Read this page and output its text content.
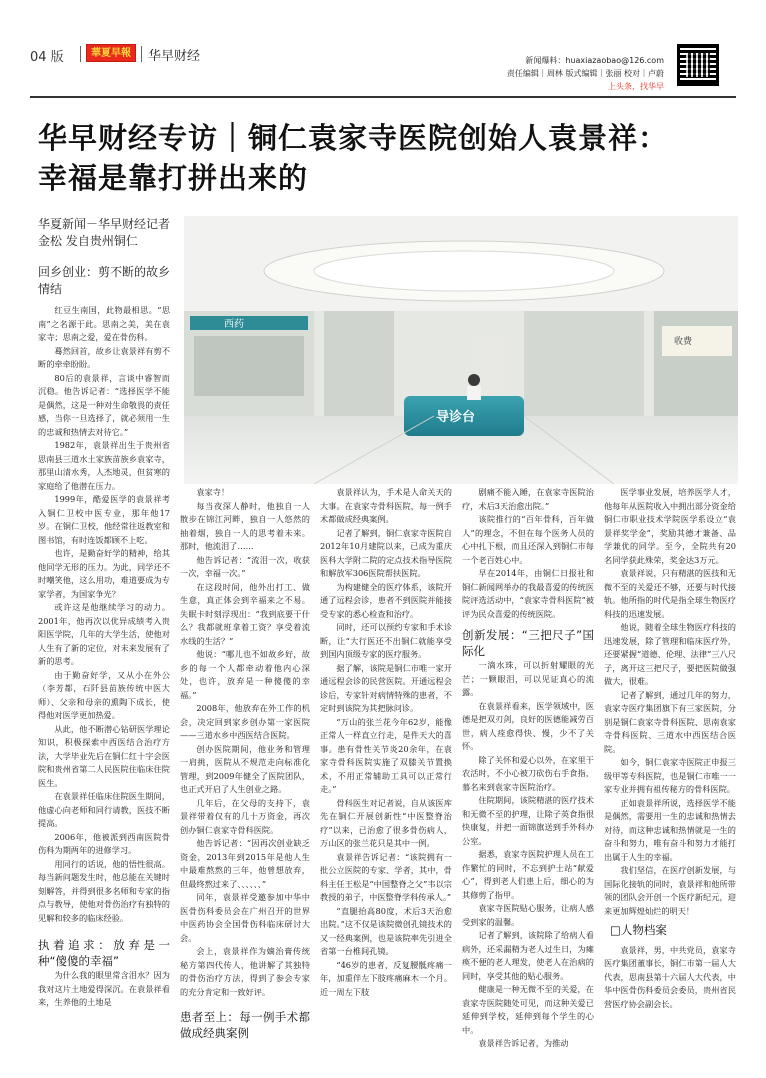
04 版	華夏早報	华早财经	新闻爆料：huaxiazaobao@126.com
责任编辑｜周林 版式编辑｜张丽 校对｜卢蔚
上头条，找华早
华早财经专访｜铜仁袁家寺医院创始人袁景祥：
幸福是靠打拼出来的
华夏新闻－华早财经记者 金松 发自贵州铜仁
回乡创业：剪不断的故乡情结
西药
收费
导诊台

红豆生南国，此物最相思。“思南”之名源于此。思南之美，美在袁家寺；思南之爱，爱在骨伤科。

蓦然回首，故乡让袁景祥有剪不断的牵牵盼盼。

80后的袁景祥，言谈中睿智而沉稳。他告诉记者：“选择医学不能是偶然，这是一种对生命敬畏的责任感，当你一旦选择了，就必须用一生的忠诚和热情去对待它。”

1982年，袁景祥出生于贵州省思南县三道水土家族苗族乡袁家寺，那里山清水秀，人杰地灵，但贫寒的家庭给了他潜在压力。

1999年，酷爱医学的袁景祥考入铜仁卫校中医专业，那年他17岁。在铜仁卫校，他经常往返教室和图书馆，有时连饭都顾不上吃。

也许，是勤奋好学的精神，给其他同学无形的压力。为此，同学还不时嘲笑他，这么用功，难道要成为专家学者，为国家争光？

或许这是他继续学习的动力。2001年，他再次以优异成绩考入贵阳医学院，几年的大学生活，使他对人生有了新的定位，对未来发展有了新的思考。

由于勤奋好学，又从小在外公（李芳都，石阡县苗族传统中医大师）、父亲和母亲的熏陶下成长，使得他对医学更加热爱。

从此，他不断潜心钻研医学理论知识，积极探索中西医结合治疗方法，大学毕业先后在铜仁红十字会医院和贵州省第二人民医院住临床住院医生。

在袁景祥任临床住院医生期间，他虚心向老师和同行请教，医技不断提高。

2006年，他被派到西南医院骨伤科为期两年的进修学习。

用同行的话说，他的悟性很高。每当新问题发生时，他总能在关键时刻解答，并得到很多名师和专家的指点与教导，使他对骨伤治疗有独特的见解和较多的临床经验。

执着追求：放弃是一种“傻傻的幸福”

为什么我的眼里常含泪水？因为我对这片土地爱得深沉。在袁景祥看来，生养他的土地是

袁家寺！

每当夜深人静时，他独自一人散步在锦江河畔，独自一人悠然的抽着烟，独自一人的思考着未来。那时，他流泪了……

他告诉记者：“流泪一次，收获一次，幸福一次。”

在这段时间，他外出打工、做生意，真正体会到辛福来之不易。失眠卡时刻浮现出：“我到底要干什么？我都就班拿着工资？享受着流水线的生活？”

他说：“哪儿也不如故乡好，故乡的每一个人都牵动着他内心深处，也许，放弃是一种傻傻的幸福。”

2008年，他放弃在外工作的机会，决定回到家乡创办第一家医院——三道水乡中西医结合医院。

创办医院期间，他业务和管理一肩挑，医院从不规范走向标准化管理，到2009年健全了医院团队，也正式开启了人生创业之路。

几年后，在父母的支持下，袁景祥带着仅有的几十万资金，再次创办铜仁袁家寺骨科医院。

他告诉记者：“因再次创业缺乏资金，2013年到2015年是他人生中最难熬熬的三年，他曾想放弃，但最终熬过来了、、、、、、”

同年，袁景祥受邀参加中华中医骨伤科委员会在广州召开的世界中医药协会全国骨伤科临床研讨大会。

会上，袁景祥作为嫡治膏传统秘方第四代传人，他讲解了其独特的骨伤治疗方法，得到了参会专家的充分肯定和一致好评。

患者至上：每一例手术都做成经典案例

袁景祥认为，手术是人命关天的大事。在袁家寺骨科医院，每一例手术都做成经典案例。

记者了解到，铜仁袁家寺医院自2012年10月建院以来，已成为重庆医科大学附二院的定点技术指导医院和解放军306医院帮扶医院。

为构建健全的医疗体系，该院开通了远程会诊，患者不到医院并能接受专家的悉心检查和治疗。

同时，还可以预约专家和手术诊断，让“大行医还不出铜仁就能享受到国内顶级专家的医疗服务。

据了解，该院是铜仁市唯一家开通远程会诊的民营医院。开通远程会诊后，专家针对病情特殊的患者，不定时到该院为其把脉问诊。

“万山的张兰花今年62岁，能像正常人一样直立行走，是件天大的喜事。患有骨性关节炎20余年，在袁家寺骨科医院实施了双膝关节置换术，不用正常辅助工具可以正常行走。”

骨科医生对记者说，自从该医库先在铜仁开展创新性“中医整脊治疗”以来，已治愈了很多骨伤病人，万山区的张兰花只是其中一例。

袁景祥告诉记者：“该院拥有一批公立医院的专家、学者，其中，骨科主任王松是“中国整脊之父”韦以宗教授的弟子，中医整脊学科传承人。”

“直腿抬高80度，术后3天治愈出院。”这不仅是该院微创孔镜技术的又一经典案例，也是该院率先引进全省第一台椎间孔镜。

“46岁的患者，反复腰骶疼痛一年，加重伴左下肢疼痛麻木一个月。近一周左下肢

剧痛不能入睡，在袁家寺医院治疗，术后3天治愈出院。”

该院推行的“百年骨科，百年做人”的理念，不但在每个医务人员的心中扎下根，而且还深入到铜仁市每一个老百姓心中。

早在2014年，由铜仁日报社和铜仁新闻网举办的我最喜爱的传统医院评选活动中，“袁家寺骨科医院”被评为民众喜爱的传统医院。

创新发展：“三把尺子”国际化

一滴水珠，可以折射耀眼的光芒；一颗眼泪，可以见证真心的流露。

在袁景祥看来，医学领域中，医德是把双刃剑，良好的医德能减劳百世，病人痊愈得快、慢，少不了关怀。

除了关怀和爱心以外，在家里干农活时，不小心被刀砍伤右手食指，慕名来到袁家寺医院治疗。

住院期间，该院精湛的医疗技术和无微不至的护理，让除子英食指很快康复，并把一面锦旗送到手外科办公室。

据悉，袁家寺医院护理人员在工作繁忙的同时，不忘到护士站“献爱心”，得到老人们患上后，细心的为其修剪了指甲。

袁家寺医院贴心服务，让病人感受到家的温馨。

记者了解到，该院除了给病人看病外，还采漏精为老人过生日，为瘫痪不便的老人理发，使老人在治病的同时，享受其他的贴心服务。

健康是一种无微不至的关爱，在袁家寺医院随处可见，而这种关爱已延伸到学校，延伸到每个学生的心中。

袁景祥告诉记者，为推动

医学事业发展，培养医学人才，他每年从医院收入中拥出部分资金给铜仁市职业技术学院医学系设立“袁景祥奖学金”，奖励其德才兼备、品学兼优的同学。至今，全院共有20名同学获此殊荣，奖金达3万元。

袁景祥说，只有精湛的医技和无微不至的关爱还不够，还要与时代接轨。他所指的时代是指全球生物医疗科技的迅速发展。

他说，随着全球生物医疗科技的迅速发展，除了管理和临床医疗外，还要紧握“道德、伦理、法律”三八尺子，离开这三把尺子，要把医院做强做大，很难。

记者了解到，通过几年的努力，袁家寺医疗集团旗下有三家医院，分别是铜仁袁家寺骨科医院、思南袁家寺骨科医院、三道水中西医结合医院。

如今，铜仁袁家寺医院正申报三级甲等专科医院，也是铜仁市唯一一家专业并拥有祖传秘方的骨科医院。

正如袁景祥所说，选择医学不能是偶然，需要用一生的忠诚和热情去对待，而这种忠诚和热情就是一生的奋斗和努力，唯有奋斗和努力才能打出属于人生的幸福。

我们坚信，在医疗创新发展，与国际化接轨的同时，袁景祥和他所带领的团队会开创一个医疗新纪元，迎来更加辉煌灿烂的明天！

□人物档案

袁景祥，男，中共党员，袁家寺医疗集团董事长，铜仁市第一届人大代表，思南县第十六届人大代表，中华中医骨伤科委员会委员，贵州省民营医疗协会副会长。
